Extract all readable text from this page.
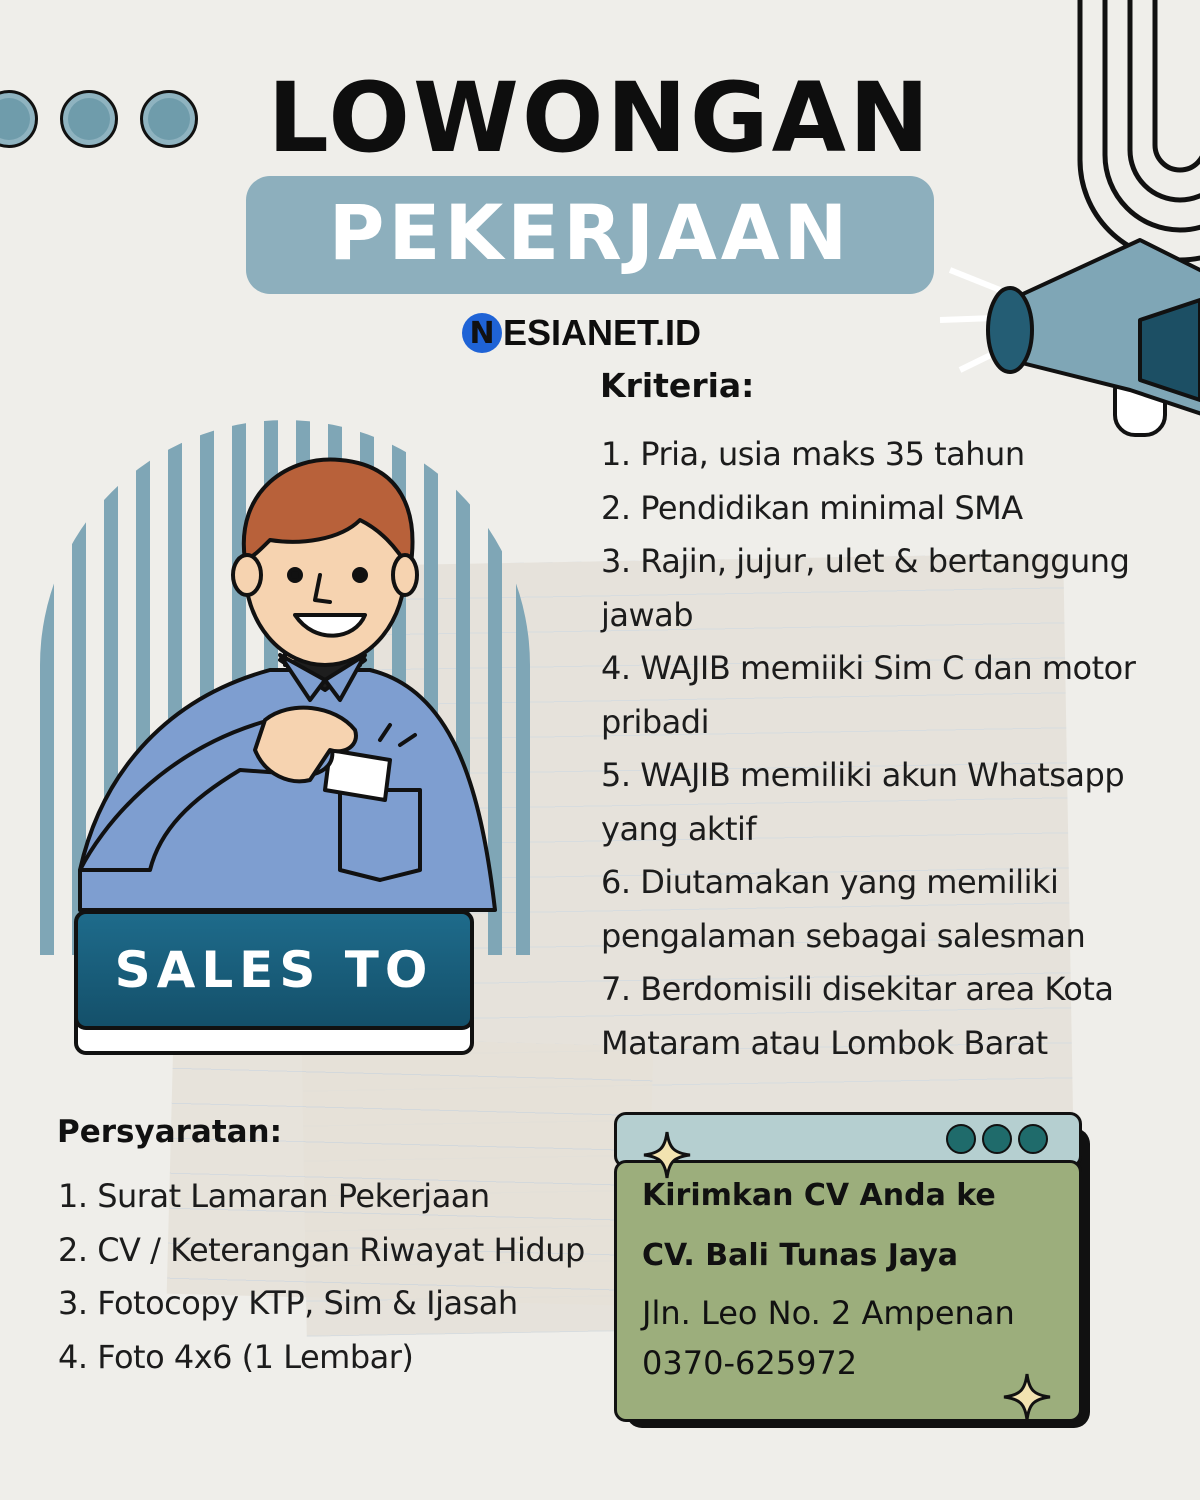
LOWONGAN
PEKERJAAN
N ESIANET.ID
SALES TO
Kriteria:
1. Pria, usia maks 35 tahun
2. Pendidikan minimal SMA
3. Rajin, jujur, ulet & bertanggung
jawab
4. WAJIB memiiki Sim C dan motor
pribadi
5. WAJIB memiliki akun Whatsapp
yang aktif
6. Diutamakan yang memiliki
pengalaman sebagai salesman
7. Berdomisili disekitar area Kota
Mataram atau Lombok Barat
Persyaratan:
1. Surat Lamaran Pekerjaan
2. CV / Keterangan Riwayat Hidup
3. Fotocopy KTP, Sim & Ijasah
4. Foto 4x6 (1 Lembar)
Kirimkan CV Anda ke
CV. Bali Tunas Jaya
Jln. Leo No. 2 Ampenan
0370-625972
